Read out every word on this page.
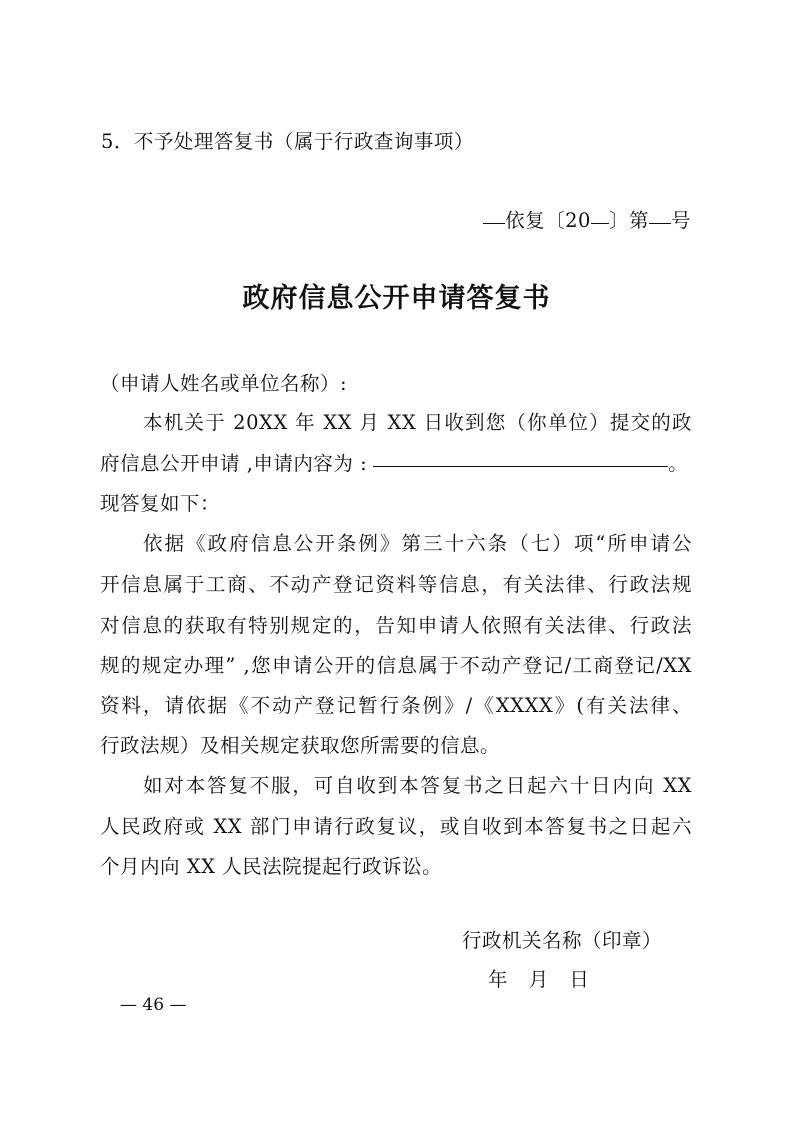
5．不予处理答复书（属于行政查询事项）
依复〔20 〕第 号
政府信息公开申请答复书
（申请人姓名或单位名称）:
本机关于 20XX 年 XX 月 XX 日收到您（你单位）提交的政
府信息公开申请 ,申请内容为 :	。
现答复如下：
依据《政府信息公开条例》第三十六条（七）项“所申请公
开信息属于工商、不动产登记资料等信息，有关法律、行政法规
对信息的获取有特别规定的，告知申请人依照有关法律、行政法
规的规定办理” ,您申请公开的信息属于不动产登记/工商登记/XX
资料，请依据《不动产登记暂行条例》/《XXXX》(有关法律、
行政法规）及相关规定获取您所需要的信息。
如对本答复不服，可自收到本答复书之日起六十日内向 XX
人民政府或 XX 部门申请行政复议，或自收到本答复书之日起六
个月内向 XX 人民法院提起行政诉讼。
行政机关名称（印章）
年 月 日
— 46 —
